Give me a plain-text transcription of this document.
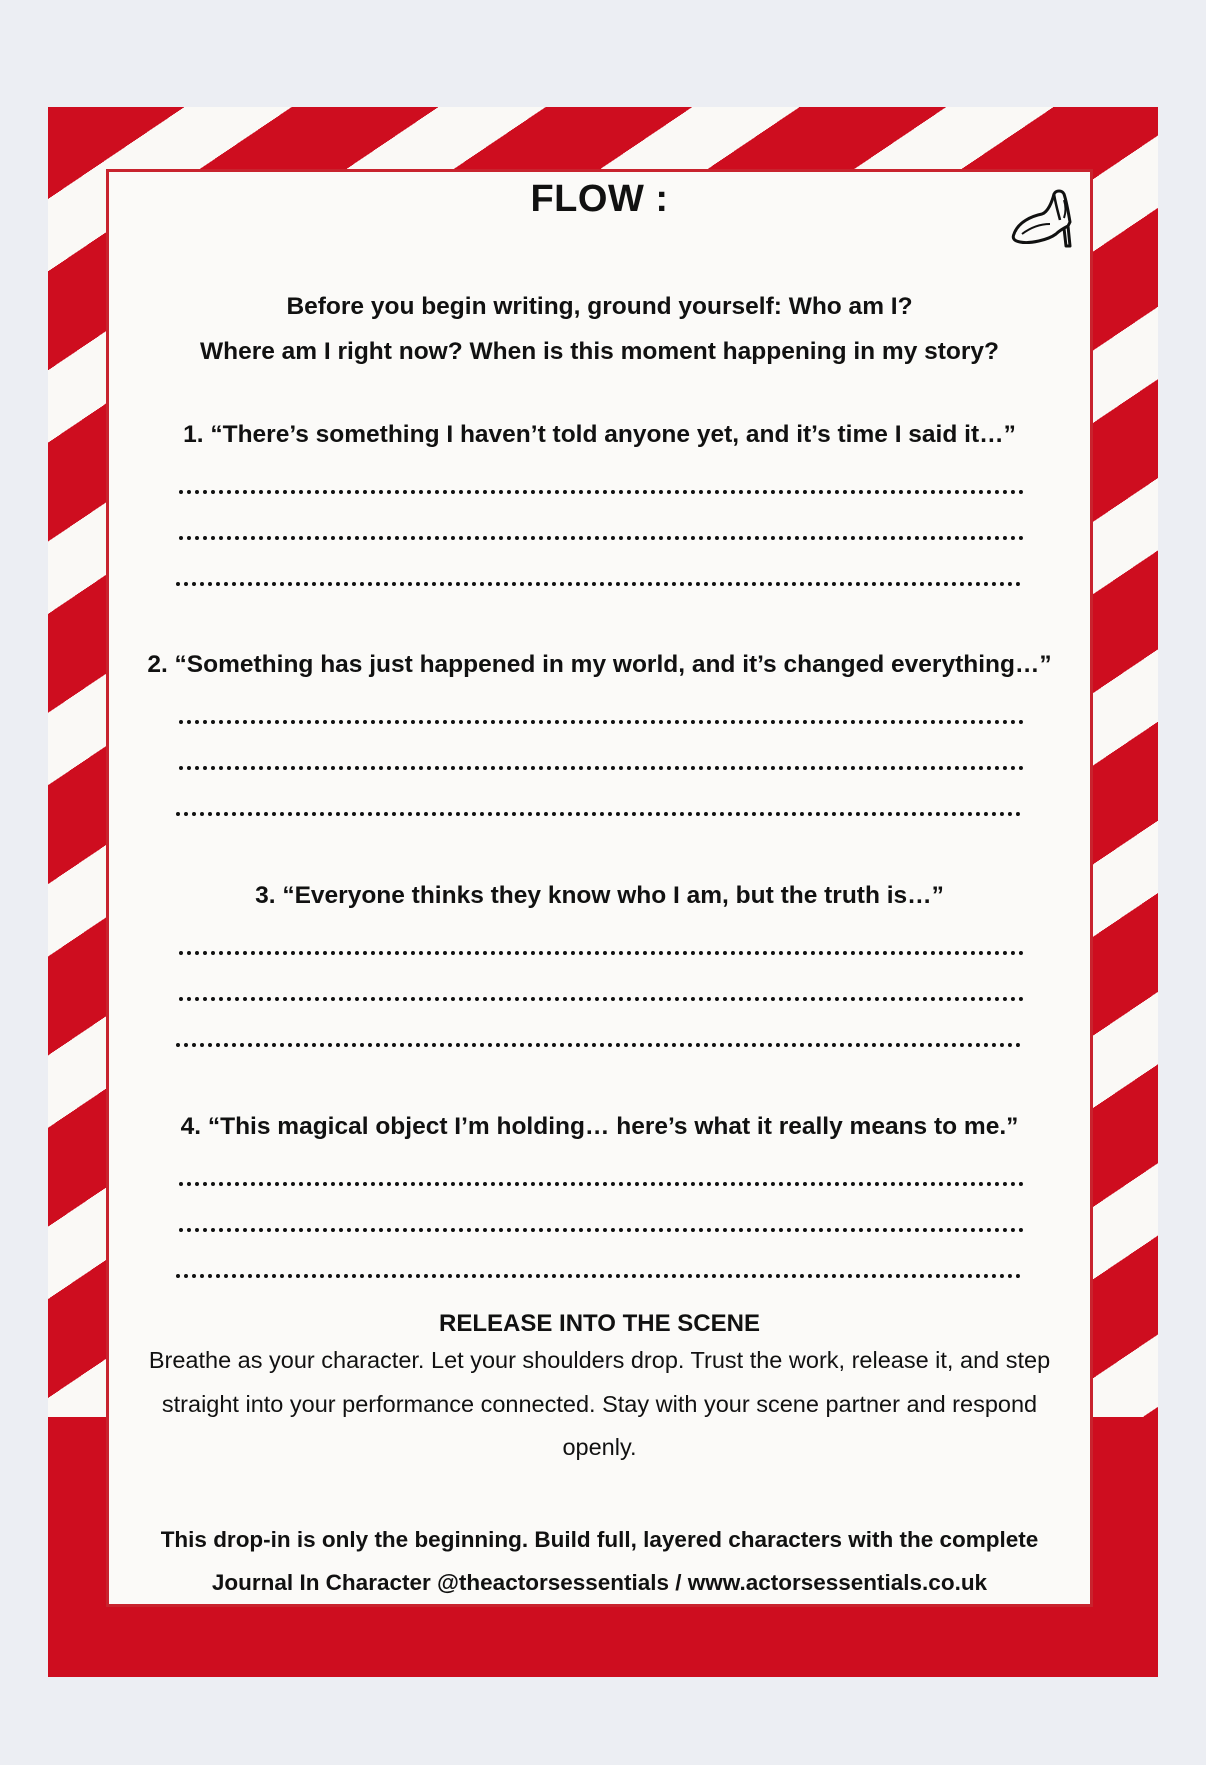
FLOW :
Before you begin writing, ground yourself: Who am I?
Where am I right now? When is this moment happening in my story?
1. “There’s something I haven’t told anyone yet, and it’s time I said it…”
2. “Something has just happened in my world, and it’s changed everything…”
3. “Everyone thinks they know who I am, but the truth is…”
4. “This magical object I’m holding… here’s what it really means to me.”
RELEASE INTO THE SCENE
Breathe as your character. Let your shoulders drop. Trust the work, release it, and step straight into your performance connected. Stay with your scene partner and respond openly.
This drop-in is only the beginning. Build full, layered characters with the complete
Journal In Character @theactorsessentials / www.actorsessentials.co.uk
